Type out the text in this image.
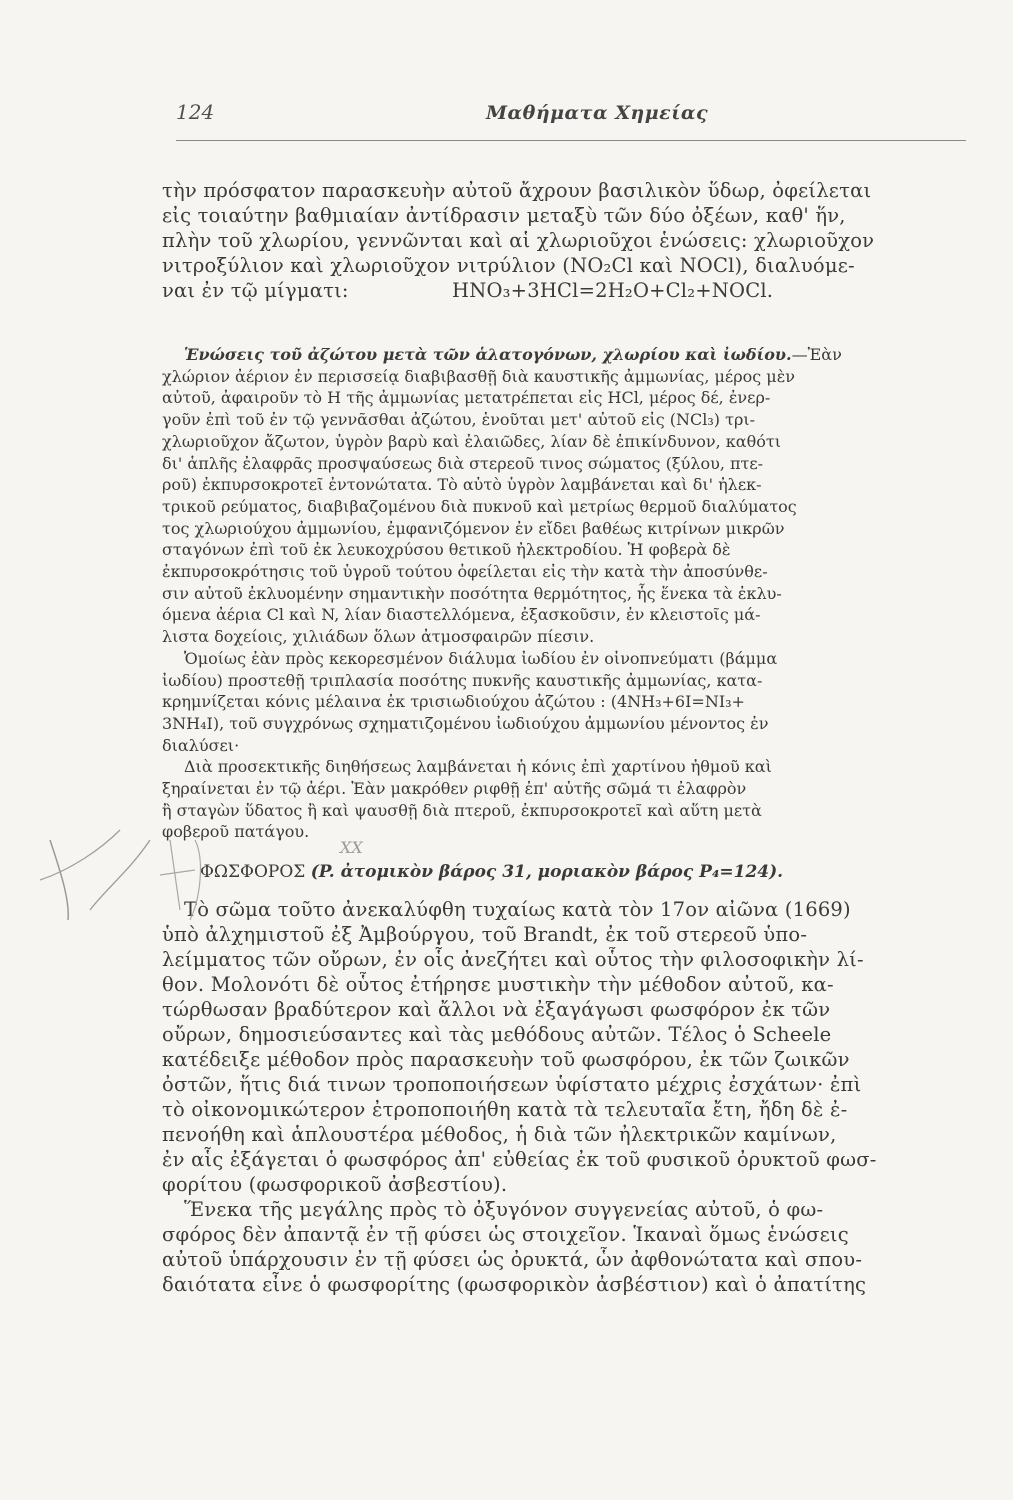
124	Μαθήματα Χημείας
τὴν πρόσφατον παρασκευὴν αὐτοῦ ἄχρουν βασιλικὸν ὕδωρ, ὀφείλεται
εἰς τοιαύτην βαθμιαίαν ἀντίδρασιν μεταξὺ τῶν δύο ὀξέων, καθ' ἥν,
πλὴν τοῦ χλωρίου, γεννῶνται καὶ αἱ χλωριοῦχοι ἑνώσεις: χλωριοῦχον
νιτροξύλιον καὶ χλωριοῦχον νιτρύλιον (NO₂Cl καὶ NOCl), διαλυόμε-
ναι ἐν τῷ μίγματι:	HNO₃+3HCl=2H₂O+Cl₂+NOCl.
Ἑνώσεις τοῦ ἀζώτου μετὰ τῶν ἁλατογόνων, χλωρίου καὶ ἰωδίου.—Ἐὰν
χλώριον ἀέριον ἐν περισσείᾳ διαβιβασθῇ διὰ καυστικῆς ἀμμωνίας, μέρος μὲν
αὐτοῦ, ἀφαιροῦν τὸ H τῆς ἀμμωνίας μετατρέπεται εἰς HCl, μέρος δέ, ἐνερ-
γοῦν ἐπὶ τοῦ ἐν τῷ γεννᾶσθαι ἀζώτου, ἑνοῦται μετ' αὐτοῦ εἰς (NCl₃) τρι-
χλωριοῦχον ἄζωτον, ὑγρὸν βαρὺ καὶ ἐλαιῶδες, λίαν δὲ ἐπικίνδυνον, καθότι
δι' ἁπλῆς ἐλαφρᾶς προσψαύσεως διὰ στερεοῦ τινος σώματος (ξύλου, πτε-
ροῦ) ἐκπυρσοκροτεῖ ἐντονώτατα. Τὸ αὐτὸ ὑγρὸν λαμβάνεται καὶ δι' ἠλεκ-
τρικοῦ ρεύματος, διαβιβαζομένου διὰ πυκνοῦ καὶ μετρίως θερμοῦ διαλύματος
τος χλωριούχου ἀμμωνίου, ἐμφανιζόμενον ἐν εἴδει βαθέως κιτρίνων μικρῶν
σταγόνων ἐπὶ τοῦ ἐκ λευκοχρύσου θετικοῦ ἠλεκτροδίου. Ἡ φοβερὰ δὲ
ἐκπυρσοκρότησις τοῦ ὑγροῦ τούτου ὀφείλεται εἰς τὴν κατὰ τὴν ἀποσύνθε-
σιν αὐτοῦ ἐκλυομένην σημαντικὴν ποσότητα θερμότητος, ἧς ἕνεκα τὰ ἐκλυ-
όμενα ἀέρια Cl καὶ N, λίαν διαστελλόμενα, ἐξασκοῦσιν, ἐν κλειστοῖς μά-
λιστα δοχείοις, χιλιάδων ὅλων ἀτμοσφαιρῶν πίεσιν.
Ὁμοίως ἐὰν πρὸς κεκορεσμένον διάλυμα ἰωδίου ἐν οἰνοπνεύματι (βάμμα
ἰωδίου) προστεθῇ τριπλασία ποσότης πυκνῆς καυστικῆς ἀμμωνίας, κατα-
κρημνίζεται κόνις μέλαινα ἐκ τρισιωδιούχου ἀζώτου : (4NH₃+6I=NI₃+
3NH₄I), τοῦ συγχρόνως σχηματιζομένου ἰωδιούχου ἀμμωνίου μένοντος ἐν
διαλύσει·
Διὰ προσεκτικῆς διηθήσεως λαμβάνεται ἡ κόνις ἐπὶ χαρτίνου ἠθμοῦ καὶ
ξηραίνεται ἐν τῷ ἀέρι. Ἐὰν μακρόθεν ριφθῇ ἐπ' αὐτῆς σῶμά τι ἐλαφρὸν
ἢ σταγὼν ὕδατος ἢ καὶ ψαυσθῇ διὰ πτεροῦ, ἐκπυρσοκροτεῖ καὶ αὕτη μετὰ
φοβεροῦ πατάγου.
ΦΩΣΦΟΡΟΣ (P. ἀτομικὸν βάρος 31, μοριακὸν βάρος P₄=124).
Τὸ σῶμα τοῦτο ἀνεκαλύφθη τυχαίως κατὰ τὸν 17ον αἰῶνα (1669)
ὑπὸ ἀλχημιστοῦ ἐξ Ἀμβούργου, τοῦ Brandt, ἐκ τοῦ στερεοῦ ὑπο-
λείμματος τῶν οὔρων, ἐν οἷς ἀνεζήτει καὶ οὗτος τὴν φιλοσοφικὴν λί-
θον. Μολονότι δὲ οὗτος ἐτήρησε μυστικὴν τὴν μέθοδον αὐτοῦ, κα-
τώρθωσαν βραδύτερον καὶ ἄλλοι νὰ ἐξαγάγωσι φωσφόρον ἐκ τῶν
οὔρων, δημοσιεύσαντες καὶ τὰς μεθόδους αὐτῶν. Τέλος ὁ Scheele
κατέδειξε μέθοδον πρὸς παρασκευὴν τοῦ φωσφόρου, ἐκ τῶν ζωικῶν
ὀστῶν, ἥτις διά τινων τροποποιήσεων ὑφίστατο μέχρις ἐσχάτων· ἐπὶ
τὸ οἰκονομικώτερον ἐτροποποιήθη κατὰ τὰ τελευταῖα ἔτη, ἤδη δὲ ἐ-
πενοήθη καὶ ἁπλουστέρα μέθοδος, ἡ διὰ τῶν ἠλεκτρικῶν καμίνων,
ἐν αἷς ἐξάγεται ὁ φωσφόρος ἀπ' εὐθείας ἐκ τοῦ φυσικοῦ ὀρυκτοῦ φωσ-
φορίτου (φωσφορικοῦ ἀσβεστίου).
Ἕνεκα τῆς μεγάλης πρὸς τὸ ὀξυγόνον συγγενείας αὐτοῦ, ὁ φω-
σφόρος δὲν ἀπαντᾷ ἐν τῇ φύσει ὡς στοιχεῖον. Ἱκαναὶ ὅμως ἑνώσεις
αὐτοῦ ὑπάρχουσιν ἐν τῇ φύσει ὡς ὀρυκτά, ὧν ἀφθονώτατα καὶ σπου-
δαιότατα εἶνε ὁ φωσφορίτης (φωσφορικὸν ἀσβέστιον) καὶ ὁ ἀπατίτης
ΧΧ
